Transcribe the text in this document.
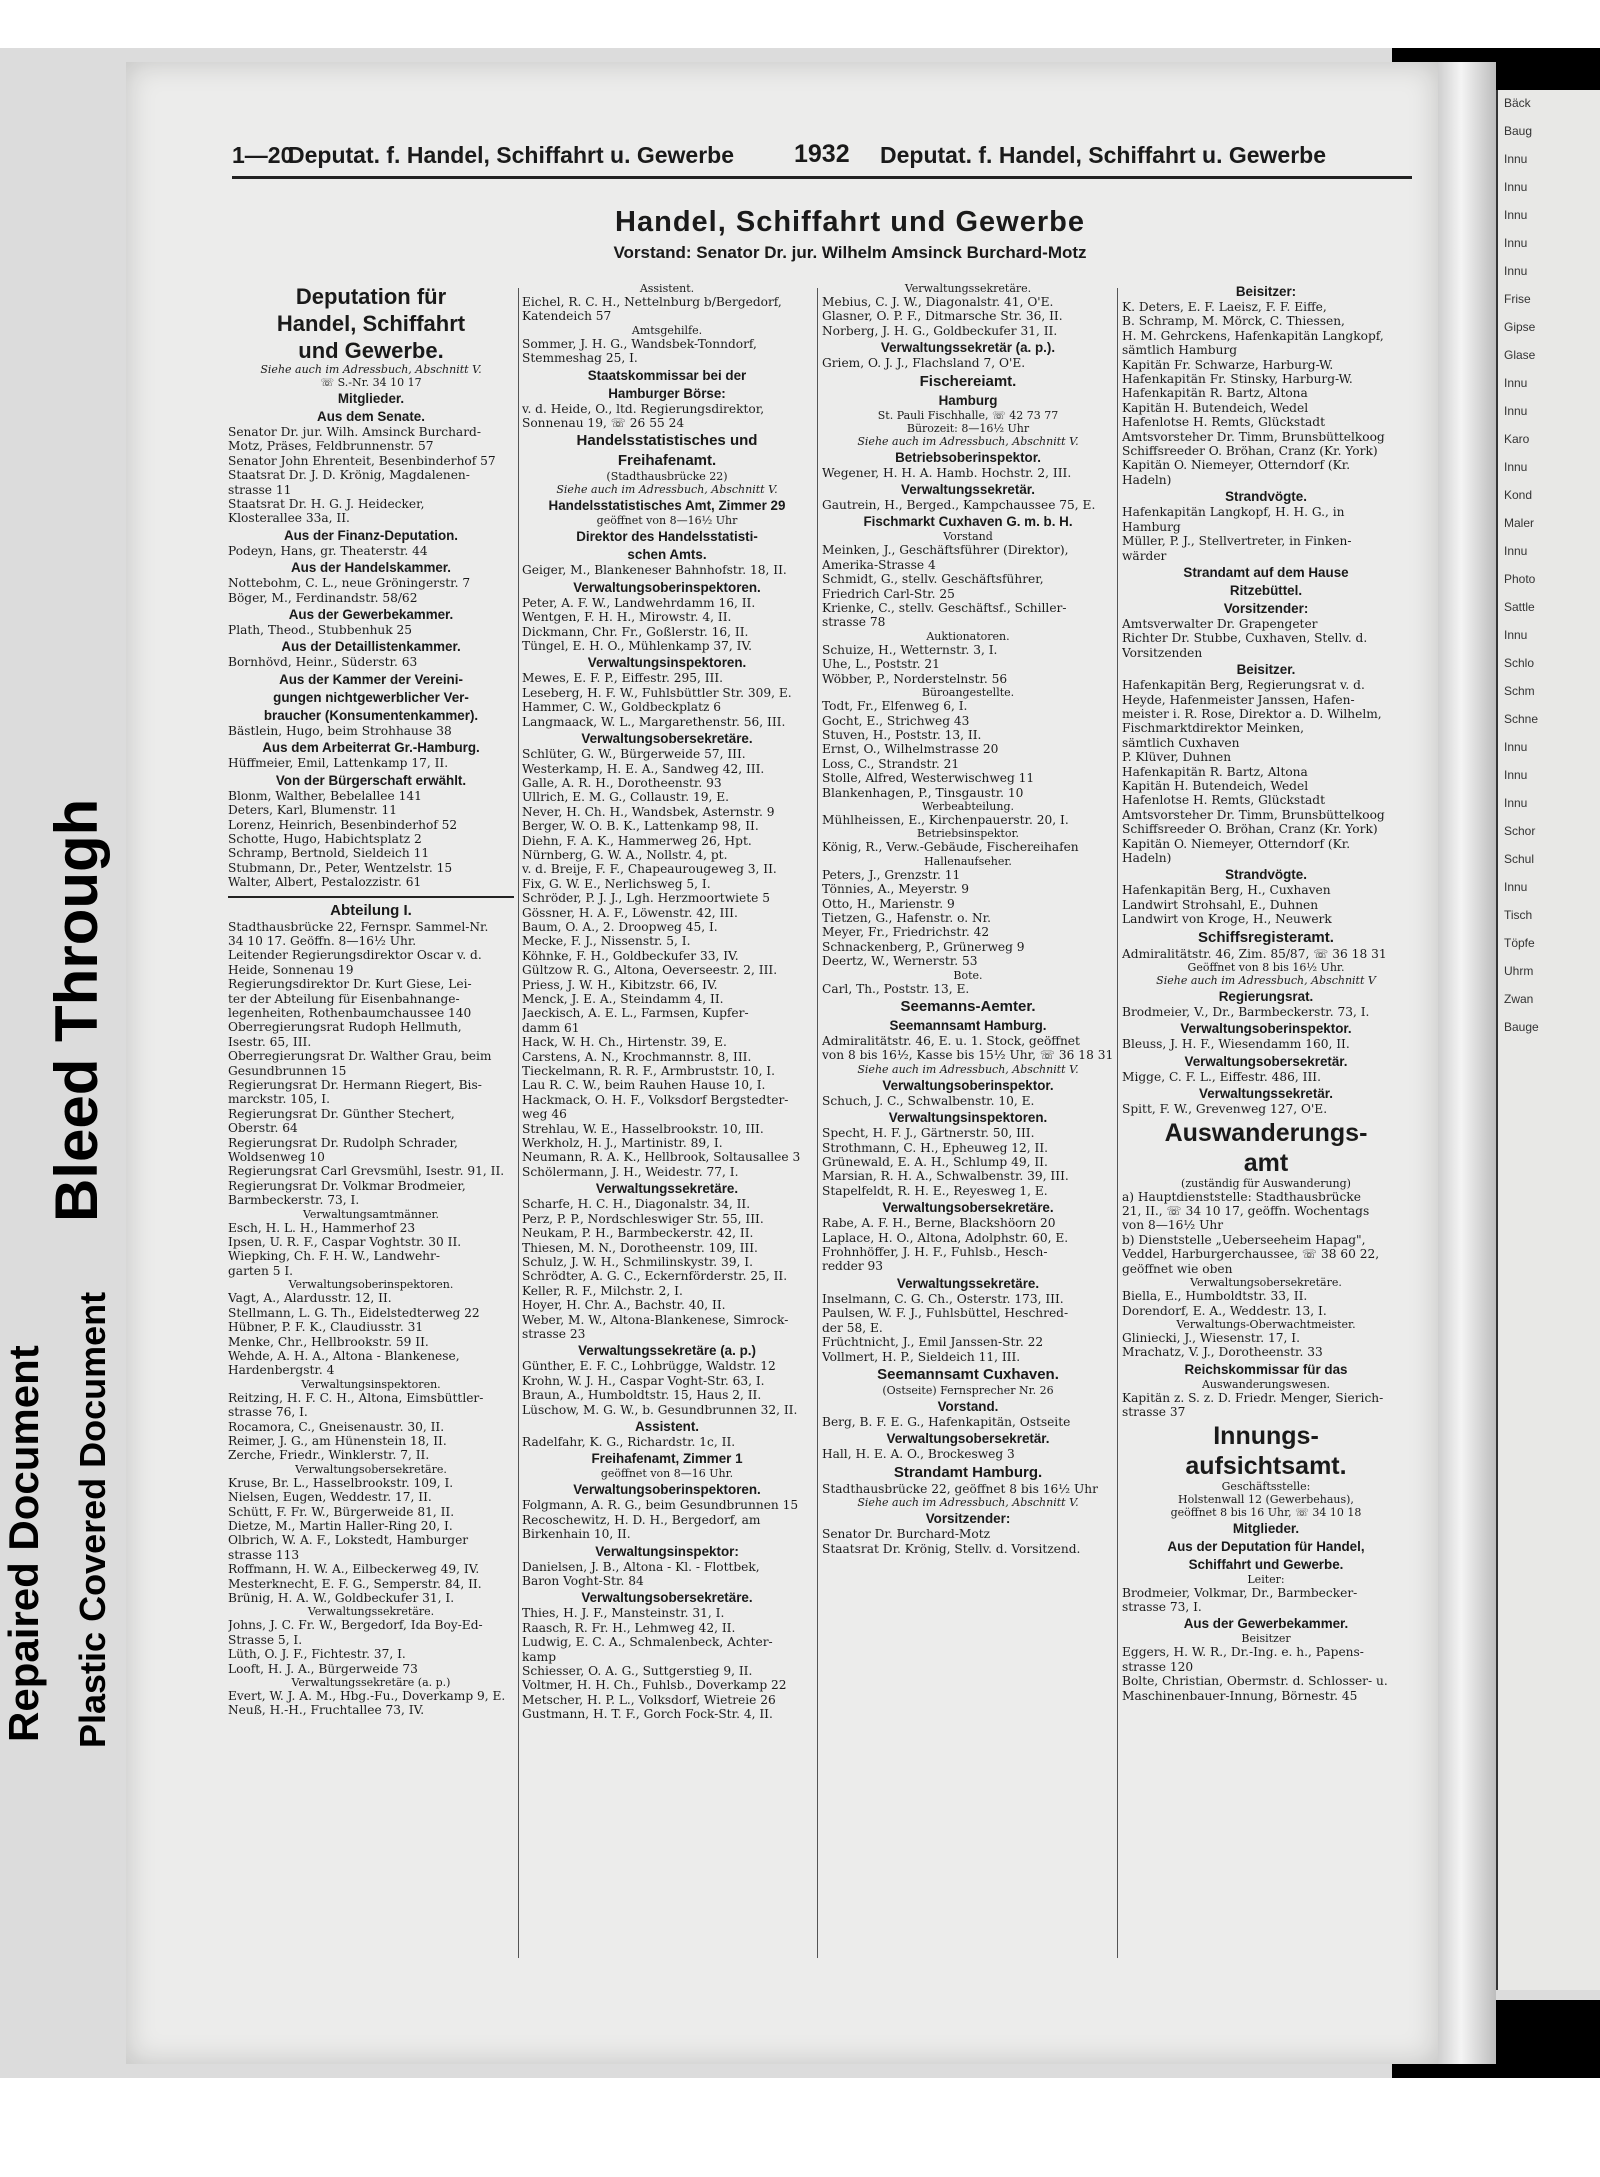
Bäck

Baug

Innu

Innu

Innu

Innu

Innu

Frise

Gipse

Glase

Innu

Innu

Karo

Innu

Kond

Maler

Innu

Photo

Sattle

Innu

Schlo

Schm

Schne

Innu

Innu

Innu

Schor

Schul

Innu

Tisch

Töpfe

Uhrm

Zwan

Bauge
Bleed Through
Repaired Document Plastic Covered Document
1—20
Deputat. f. Handel, Schiffahrt u. Gewerbe 1932 Deputat. f. Handel, Schiffahrt u. Gewerbe
Handel, Schiffahrt und Gewerbe
Vorstand: Senator Dr. jur. Wilhelm Amsinck Burchard-Motz
Deputation für
Handel, Schiffahrt
und Gewerbe.
Siehe auch im Adressbuch, Abschnitt V.
☏ S.-Nr. 34 10 17
Mitglieder.
Aus dem Senate.
Senator Dr. jur. Wilh. Amsinck Burchard-
Motz, Präses, Feldbrunnenstr. 57
Senator John Ehrenteit, Besenbinderhof 57
Staatsrat Dr. J. D. Krönig, Magdalenen-
strasse 11
Staatsrat Dr. H. G. J. Heidecker,
Klosterallee 33a, II.
Aus der Finanz-Deputation.
Podeyn, Hans, gr. Theaterstr. 44
Aus der Handelskammer.
Nottebohm, C. L., neue Gröningerstr. 7
Böger, M., Ferdinandstr. 58/62
Aus der Gewerbekammer.
Plath, Theod., Stubbenhuk 25
Aus der Detaillistenkammer.
Bornhövd, Heinr., Süderstr. 63
Aus der Kammer der Vereini-
gungen nichtgewerblicher Ver-
braucher (Konsumentenkammer).
Bästlein, Hugo, beim Strohhause 38
Aus dem Arbeiterrat Gr.-Hamburg.
Hüffmeier, Emil, Lattenkamp 17, II.
Von der Bürgerschaft erwählt.
Blonm, Walther, Bebelallee 141
Deters, Karl, Blumenstr. 11
Lorenz, Heinrich, Besenbinderhof 52
Schotte, Hugo, Habichtsplatz 2
Schramp, Bertnold, Sieldeich 11
Stubmann, Dr., Peter, Wentzelstr. 15
Walter, Albert, Pestalozzistr. 61
Abteilung I.
Stadthausbrücke 22, Fernspr. Sammel-Nr.
34 10 17. Geöffn. 8—16½ Uhr.
Leitender Regierungsdirektor Oscar v. d.
Heide, Sonnenau 19
Regierungsdirektor Dr. Kurt Giese, Lei-
ter der Abteilung für Eisenbahnange-
legenheiten, Rothenbaumchaussee 140
Oberregierungsrat Rudoph Hellmuth,
Isestr. 65, III.
Oberregierungsrat Dr. Walther Grau, beim
Gesundbrunnen 15
Regierungsrat Dr. Hermann Riegert, Bis-
marckstr. 105, I.
Regierungsrat Dr. Günther Stechert,
Oberstr. 64
Regierungsrat Dr. Rudolph Schrader,
Woldsenweg 10
Regierungsrat Carl Grevsmühl, Isestr. 91, II.
Regierungsrat Dr. Volkmar Brodmeier,
Barmbeckerstr. 73, I.
Verwaltungsamtmänner.
Esch, H. L. H., Hammerhof 23
Ipsen, U. R. F., Caspar Voghtstr. 30 II.
Wiepking, Ch. F. H. W., Landwehr-
garten 5 I.
Verwaltungsoberinspektoren.
Vagt, A., Alardusstr. 12, II.
Stellmann, L. G. Th., Eidelstedterweg 22
Hübner, P. F. K., Claudiusstr. 31
Menke, Chr., Hellbrookstr. 59 II.
Wehde, A. H. A., Altona - Blankenese,
Hardenbergstr. 4
Verwaltungsinspektoren.
Reitzing, H. F. C. H., Altona, Eimsbüttler-
strasse 76, I.
Rocamora, C., Gneisenaustr. 30, II.
Reimer, J. G., am Hünenstein 18, II.
Zerche, Friedr., Winklerstr. 7, II.
Verwaltungsobersekretäre.
Kruse, Br. L., Hasselbrookstr. 109, I.
Nielsen, Eugen, Weddestr. 17, II.
Schütt, F. Fr. W., Bürgerweide 81, II.
Dietze, M., Martin Haller-Ring 20, I.
Olbrich, W. A. F., Lokstedt, Hamburger
strasse 113
Roffmann, H. W. A., Eilbeckerweg 49, IV.
Mesterknecht, E. F. G., Semperstr. 84, II.
Brünig, H. A. W., Goldbeckufer 31, I.
Verwaltungssekretäre.
Johns, J. C. Fr. W., Bergedorf, Ida Boy-Ed-
Strasse 5, I.
Lüth, O. J. F., Fichtestr. 37, I.
Looft, H. J. A., Bürgerweide 73
Verwaltungssekretäre (a. p.)
Evert, W. J. A. M., Hbg.-Fu., Doverkamp 9, E.
Neuß, H.-H., Fruchtallee 73, IV.
Assistent.
Eichel, R. C. H., Nettelnburg b/Bergedorf,
Katendeich 57
Amtsgehilfe.
Sommer, J. H. G., Wandsbek-Tonndorf,
Stemmeshag 25, I.
Staatskommissar bei der
Hamburger Börse:
v. d. Heide, O., ltd. Regierungsdirektor,
Sonnenau 19, ☏ 26 55 24
Handelsstatistisches und
Freihafenamt.
(Stadthausbrücke 22)
Siehe auch im Adressbuch, Abschnitt V.
Handelsstatistisches Amt, Zimmer 29
geöffnet von 8—16½ Uhr
Direktor des Handelsstatisti-
schen Amts.
Geiger, M., Blankeneser Bahnhofstr. 18, II.
Verwaltungsoberinspektoren.
Peter, A. F. W., Landwehrdamm 16, II.
Wentgen, F. H. H., Mirowstr. 4, II.
Dickmann, Chr. Fr., Goßlerstr. 16, II.
Tüngel, E. H. O., Mühlenkamp 37, IV.
Verwaltungsinspektoren.
Mewes, E. F. P., Eiffestr. 295, III.
Leseberg, H. F. W., Fuhlsbüttler Str. 309, E.
Hammer, C. W., Goldbeckplatz 6
Langmaack, W. L., Margarethenstr. 56, III.
Verwaltungsobersekretäre.
Schlüter, G. W., Bürgerweide 57, III.
Westerkamp, H. E. A., Sandweg 42, III.
Galle, A. R. H., Dorotheenstr. 93
Ullrich, E. M. G., Collaustr. 19, E.
Never, H. Ch. H., Wandsbek, Asternstr. 9
Berger, W. O. B. K., Lattenkamp 98, II.
Diehn, F. A. K., Hammerweg 26, Hpt.
Nürnberg, G. W. A., Nollstr. 4, pt.
v. d. Breije, F. F., Chapeaurougeweg 3, II.
Fix, G. W. E., Nerlichsweg 5, I.
Schröder, P. J. J., Lgh. Herzmoortwiete 5
Gössner, H. A. F., Löwenstr. 42, III.
Baum, O. A., 2. Droopweg 45, I.
Mecke, F. J., Nissenstr. 5, I.
Köhnke, F. H., Goldbeckufer 33, IV.
Gültzow R. G., Altona, Oeverseestr. 2, III.
Priess, J. W. H., Kibitzstr. 66, IV.
Menck, J. E. A., Steindamm 4, II.
Jaeckisch, A. E. L., Farmsen, Kupfer-
damm 61
Hack, W. H. Ch., Hirtenstr. 39, E.
Carstens, A. N., Krochmannstr. 8, III.
Tieckelmann, R. R. F., Armbruststr. 10, I.
Lau R. C. W., beim Rauhen Hause 10, I.
Hackmack, O. H. F., Volksdorf Bergstedter-
weg 46
Strehlau, W. E., Hasselbrookstr. 10, III.
Werkholz, H. J., Martinistr. 89, I.
Neumann, R. A. K., Hellbrook, Soltausallee 3
Schölermann, J. H., Weidestr. 77, I.
Verwaltungssekretäre.
Scharfe, H. C. H., Diagonalstr. 34, II.
Perz, P. P., Nordschleswiger Str. 55, III.
Neukam, P. H., Barmbeckerstr. 42, II.
Thiesen, M. N., Dorotheenstr. 109, III.
Schulz, J. W. H., Schmilinskystr. 39, I.
Schrödter, A. G. C., Eckernförderstr. 25, II.
Keller, R. F., Milchstr. 2, I.
Hoyer, H. Chr. A., Bachstr. 40, II.
Weber, M. W., Altona-Blankenese, Simrock-
strasse 23
Verwaltungssekretäre (a. p.)
Günther, E. F. C., Lohbrügge, Waldstr. 12
Krohn, W. J. H., Caspar Voght-Str. 63, I.
Braun, A., Humboldtstr. 15, Haus 2, II.
Lüschow, M. G. W., b. Gesundbrunnen 32, II.
Assistent.
Radelfahr, K. G., Richardstr. 1c, II.
Freihafenamt, Zimmer 1
geöffnet von 8—16 Uhr.
Verwaltungsoberinspektoren.
Folgmann, A. R. G., beim Gesundbrunnen 15
Recoschewitz, H. D. H., Bergedorf, am
Birkenhain 10, II.
Verwaltungsinspektor:
Danielsen, J. B., Altona - Kl. - Flottbek,
Baron Voght-Str. 84
Verwaltungsobersekretäre.
Thies, H. J. F., Mansteinstr. 31, I.
Raasch, R. Fr. H., Lehmweg 42, II.
Ludwig, E. C. A., Schmalenbeck, Achter-
kamp
Schiesser, O. A. G., Suttgerstieg 9, II.
Voltmer, H. H. Ch., Fuhlsb., Doverkamp 22
Metscher, H. P. L., Volksdorf, Wietreie 26
Gustmann, H. T. F., Gorch Fock-Str. 4, II.
Verwaltungssekretäre.
Mebius, C. J. W., Diagonalstr. 41, O'E.
Glasner, O. P. F., Ditmarsche Str. 36, II.
Norberg, J. H. G., Goldbeckufer 31, II.
Verwaltungssekretär (a. p.).
Griem, O. J. J., Flachsland 7, O'E.
Fischereiamt.
Hamburg
St. Pauli Fischhalle, ☏ 42 73 77
Bürozeit: 8—16½ Uhr
Siehe auch im Adressbuch, Abschnitt V.
Betriebsoberinspektor.
Wegener, H. H. A. Hamb. Hochstr. 2, III.
Verwaltungssekretär.
Gautrein, H., Berged., Kampchaussee 75, E.
Fischmarkt Cuxhaven G. m. b. H.
Vorstand
Meinken, J., Geschäftsführer (Direktor),
Amerika-Strasse 4
Schmidt, G., stellv. Geschäftsführer,
Friedrich Carl-Str. 25
Krienke, C., stellv. Geschäftsf., Schiller-
strasse 78
Auktionatoren.
Schuize, H., Wetternstr. 3, I.
Uhe, L., Poststr. 21
Wöbber, P., Norderstelnstr. 56
Büroangestellte.
Todt, Fr., Elfenweg 6, I.
Gocht, E., Strichweg 43
Stuven, H., Poststr. 13, II.
Ernst, O., Wilhelmstrasse 20
Loss, C., Strandstr. 21
Stolle, Alfred, Westerwischweg 11
Blankenhagen, P., Tinsgaustr. 10
Werbeabteilung.
Mühlheissen, E., Kirchenpauerstr. 20, I.
Betriebsinspektor.
König, R., Verw.-Gebäude, Fischereihafen
Hallenaufseher.
Peters, J., Grenzstr. 11
Tönnies, A., Meyerstr. 9
Otto, H., Marienstr. 9
Tietzen, G., Hafenstr. o. Nr.
Meyer, Fr., Friedrichstr. 42
Schnackenberg, P., Grünerweg 9
Deertz, W., Wernerstr. 53
Bote.
Carl, Th., Poststr. 13, E.
Seemanns-Aemter.
Seemannsamt Hamburg.
Admiralitätstr. 46, E. u. 1. Stock, geöffnet
von 8 bis 16½, Kasse bis 15½ Uhr, ☏ 36 18 31
Siehe auch im Adressbuch, Abschnitt V.
Verwaltungsoberinspektor.
Schuch, J. C., Schwalbenstr. 10, E.
Verwaltungsinspektoren.
Specht, H. F. J., Gärtnerstr. 50, III.
Strothmann, C. H., Epheuweg 12, II.
Grünewald, E. A. H., Schlump 49, II.
Marsian, R. H. A., Schwalbenstr. 39, III.
Stapelfeldt, R. H. E., Reyesweg 1, E.
Verwaltungsobersekretäre.
Rabe, A. F. H., Berne, Blackshöorn 20
Laplace, H. O., Altona, Adolphstr. 60, E.
Frohnhöffer, J. H. F., Fuhlsb., Hesch-
redder 93
Verwaltungssekretäre.
Inselmann, C. G. Ch., Osterstr. 173, III.
Paulsen, W. F. J., Fuhlsbüttel, Heschred-
der 58, E.
Früchtnicht, J., Emil Janssen-Str. 22
Vollmert, H. P., Sieldeich 11, III.
Seemannsamt Cuxhaven.
(Ostseite) Fernsprecher Nr. 26
Vorstand.
Berg, B. F. E. G., Hafenkapitän, Ostseite
Verwaltungsobersekretär.
Hall, H. E. A. O., Brockesweg 3
Strandamt Hamburg.
Stadthausbrücke 22, geöffnet 8 bis 16½ Uhr
Siehe auch im Adressbuch, Abschnitt V.
Vorsitzender:
Senator Dr. Burchard-Motz
Staatsrat Dr. Krönig, Stellv. d. Vorsitzend.
Beisitzer:
K. Deters, E. F. Laeisz, F. F. Eiffe,
B. Schramp, M. Mörck, C. Thiessen,
H. M. Gehrckens, Hafenkapitän Langkopf,
sämtlich Hamburg
Kapitän Fr. Schwarze, Harburg-W.
Hafenkapitän Fr. Stinsky, Harburg-W.
Hafenkapitän R. Bartz, Altona
Kapitän H. Butendeich, Wedel
Hafenlotse H. Remts, Glückstadt
Amtsvorsteher Dr. Timm, Brunsbüttelkoog
Schiffsreeder O. Bröhan, Cranz (Kr. York)
Kapitän O. Niemeyer, Otterndorf (Kr.
Hadeln)
Strandvögte.
Hafenkapitän Langkopf, H. H. G., in
Hamburg
Müller, P. J., Stellvertreter, in Finken-
wärder
Strandamt auf dem Hause
Ritzebüttel.
Vorsitzender:
Amtsverwalter Dr. Grapengeter
Richter Dr. Stubbe, Cuxhaven, Stellv. d.
Vorsitzenden
Beisitzer.
Hafenkapitän Berg, Regierungsrat v. d.
Heyde, Hafenmeister Janssen, Hafen-
meister i. R. Rose, Direktor a. D. Wilhelm,
Fischmarktdirektor Meinken,
sämtlich Cuxhaven
P. Klüver, Duhnen
Hafenkapitän R. Bartz, Altona
Kapitän H. Butendeich, Wedel
Hafenlotse H. Remts, Glückstadt
Amtsvorsteher Dr. Timm, Brunsbüttelkoog
Schiffsreeder O. Bröhan, Cranz (Kr. York)
Kapitän O. Niemeyer, Otterndorf (Kr.
Hadeln)
Strandvögte.
Hafenkapitän Berg, H., Cuxhaven
Landwirt Strohsahl, E., Duhnen
Landwirt von Kroge, H., Neuwerk
Schiffsregisteramt.
Admiralitätstr. 46, Zim. 85/87, ☏ 36 18 31
Geöffnet von 8 bis 16½ Uhr.
Siehe auch im Adressbuch, Abschnitt V
Regierungsrat.
Brodmeier, V., Dr., Barmbeckerstr. 73, I.
Verwaltungsoberinspektor.
Bleuss, J. H. F., Wiesendamm 160, II.
Verwaltungsobersekretär.
Migge, C. F. L., Eiffestr. 486, III.
Verwaltungssekretär.
Spitt, F. W., Grevenweg 127, O'E.
Auswanderungs-
amt
(zuständig für Auswanderung)
a) Hauptdienststelle: Stadthausbrücke
21, II., ☏ 34 10 17, geöffn. Wochentags
von 8—16½ Uhr
b) Dienststelle „Ueberseeheim Hapag",
Veddel, Harburgerchaussee, ☏ 38 60 22,
geöffnet wie oben
Verwaltungsobersekretäre.
Biella, E., Humboldtstr. 33, II.
Dorendorf, E. A., Weddestr. 13, I.
Verwaltungs-Oberwachtmeister.
Gliniecki, J., Wiesenstr. 17, I.
Mrachatz, V. J., Dorotheenstr. 33
Reichskommissar für das
Auswanderungswesen.
Kapitän z. S. z. D. Friedr. Menger, Sierich-
strasse 37
Innungs-
aufsichtsamt.
Geschäftsstelle:
Holstenwall 12 (Gewerbehaus),
geöffnet 8 bis 16 Uhr, ☏ 34 10 18
Mitglieder.
Aus der Deputation für Handel,
Schiffahrt und Gewerbe.
Leiter:
Brodmeier, Volkmar, Dr., Barmbecker-
strasse 73, I.
Aus der Gewerbekammer.
Beisitzer
Eggers, H. W. R., Dr.-Ing. e. h., Papens-
strasse 120
Bolte, Christian, Obermstr. d. Schlosser- u.
Maschinenbauer-Innung, Börnestr. 45
